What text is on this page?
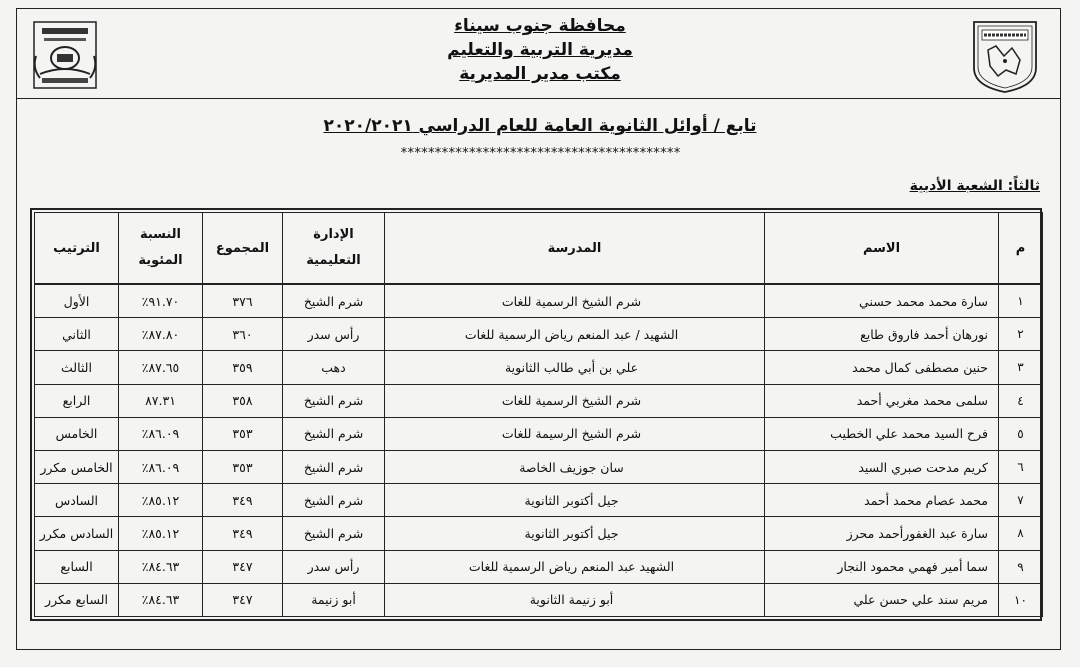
محافظة جنوب سيناء
مديرية التربية والتعليم
مكتب مدير المديرية
تابع / أوائل الثانوية العامة للعام الدراسي ٢٠٢٠/٢٠٢١
*****************************************
ثالثاً: الشعبة الأدبية
م	الاسم	المدرسة	الإدارة التعليمية	المجموع	النسبة المئوية	الترتيب
١	سارة محمد محمد حسني	شرم الشيخ الرسمية للغات	شرم الشيخ	٣٧٦	٩١.٧٠٪	الأول
٢	نورهان أحمد فاروق طايع	الشهيد / عبد المنعم رياض الرسمية للغات	رأس سدر	٣٦٠	٨٧.٨٠٪	الثاني
٣	حنين مصطفى كمال محمد	علي بن أبي طالب الثانوية	دهب	٣٥٩	٨٧.٦٥٪	الثالث
٤	سلمى محمد مغربي أحمد	شرم الشيخ الرسمية للغات	شرم الشيخ	٣٥٨	٨٧.٣١	الرابع
٥	فرح السيد محمد علي الخطيب	شرم الشيخ الرسيمة للغات	شرم الشيخ	٣٥٣	٨٦.٠٩٪	الخامس
٦	كريم مدحت صبري السيد	سان جوزيف الخاصة	شرم الشيخ	٣٥٣	٨٦.٠٩٪	الخامس مكرر
٧	محمد عصام محمد أحمد	جيل أكتوبر الثانوية	شرم الشيخ	٣٤٩	٨٥.١٢٪	السادس
٨	سارة عبد الغفورأحمد محرز	جيل أكتوبر الثانوية	شرم الشيخ	٣٤٩	٨٥.١٢٪	السادس مكرر
٩	سما أمير فهمي محمود النجار	الشهيد عبد المنعم رياض الرسمية للغات	رأس سدر	٣٤٧	٨٤.٦٣٪	السابع
١٠	مريم سند علي حسن علي	أبو زنيمة الثانوية	أبو زنيمة	٣٤٧	٨٤.٦٣٪	السابع مكرر
